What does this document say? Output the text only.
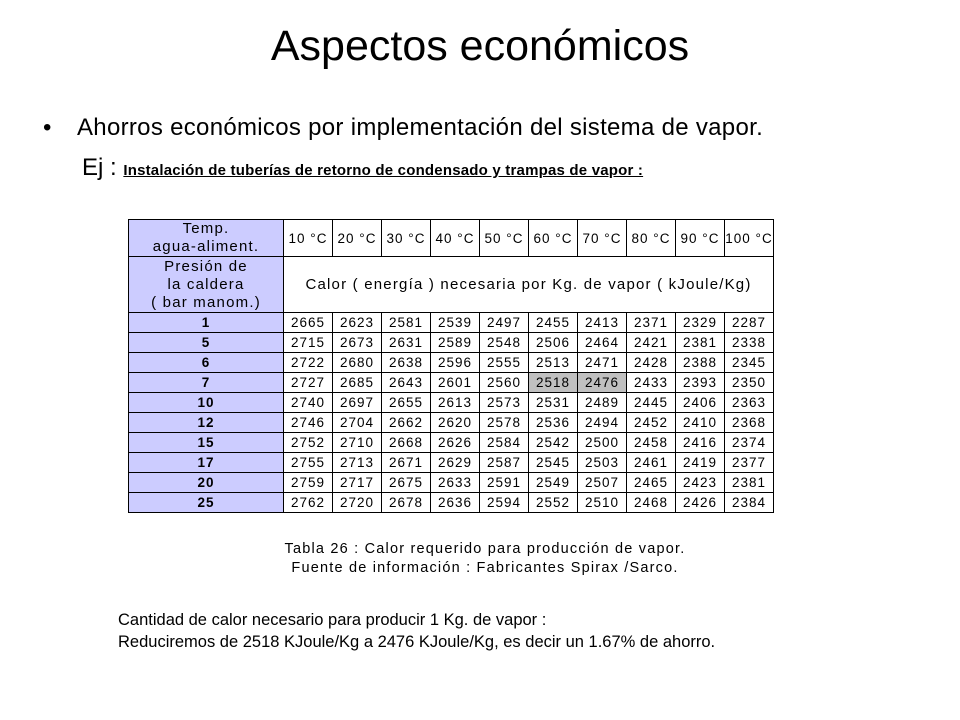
Aspectos económicos
• Ahorros económicos por implementación del sistema de vapor.
Ej : Instalación de tuberías de retorno de condensado y trampas de vapor :
Temp.
agua-aliment.	10 °C	20 °C	30 °C	40 °C	50 °C	60 °C	70 °C	80 °C	90 °C	100 °C

Presión de
la caldera
( bar manom.)	Calor ( energía ) necesaria por Kg. de vapor ( kJoule/Kg)									
1	2665	2623	2581	2539	2497	2455	2413	2371	2329	2287
5	2715	2673	2631	2589	2548	2506	2464	2421	2381	2338
6	2722	2680	2638	2596	2555	2513	2471	2428	2388	2345
7	2727	2685	2643	2601	2560	2518	2476	2433	2393	2350
10	2740	2697	2655	2613	2573	2531	2489	2445	2406	2363
12	2746	2704	2662	2620	2578	2536	2494	2452	2410	2368
15	2752	2710	2668	2626	2584	2542	2500	2458	2416	2374
17	2755	2713	2671	2629	2587	2545	2503	2461	2419	2377
20	2759	2717	2675	2633	2591	2549	2507	2465	2423	2381
25	2762	2720	2678	2636	2594	2552	2510	2468	2426	2384
Tabla 26 : Calor requerido para producción de vapor.
Fuente de información : Fabricantes Spirax /Sarco.
Cantidad de calor necesario para producir 1 Kg. de vapor :
Reduciremos de 2518 KJoule/Kg a 2476 KJoule/Kg, es decir un 1.67% de ahorro.
